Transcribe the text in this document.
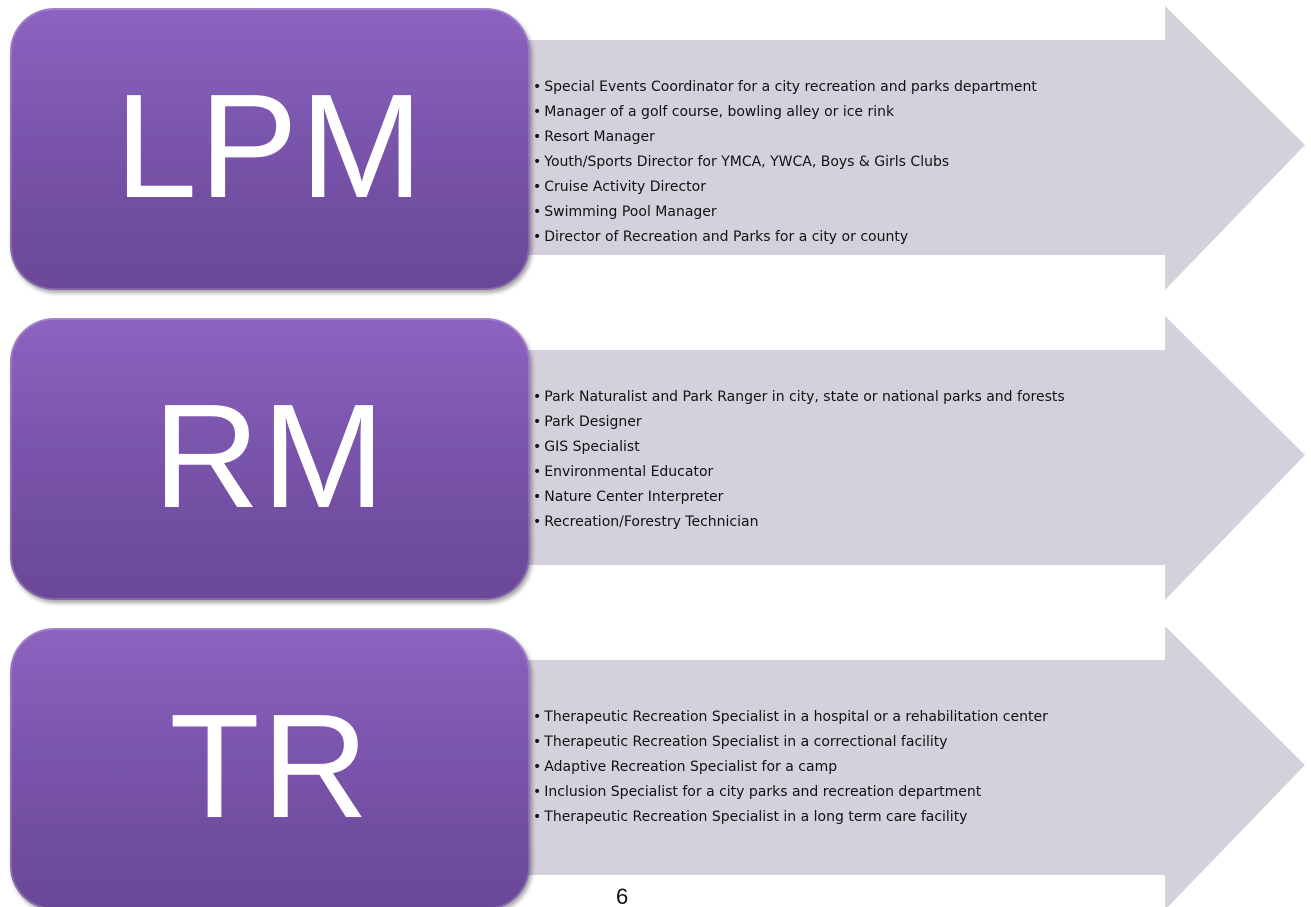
LPM	• Special Events Coordinator for a city recreation and parks department
• Manager of a golf course, bowling alley or ice rink
• Resort Manager
• Youth/Sports Director for YMCA, YWCA, Boys & Girls Clubs
• Cruise Activity Director
• Swimming Pool Manager
• Director of Recreation and Parks for a city or county
RM	• Park Naturalist and Park Ranger in city, state or national parks and forests
• Park Designer
• GIS Specialist
• Environmental Educator
• Nature Center Interpreter
• Recreation/Forestry Technician
TR	• Therapeutic Recreation Specialist in a hospital or a rehabilitation center
• Therapeutic Recreation Specialist in a correctional facility
• Adaptive Recreation Specialist for a camp
• Inclusion Specialist for a city parks and recreation department
• Therapeutic Recreation Specialist in a long term care facility
6
